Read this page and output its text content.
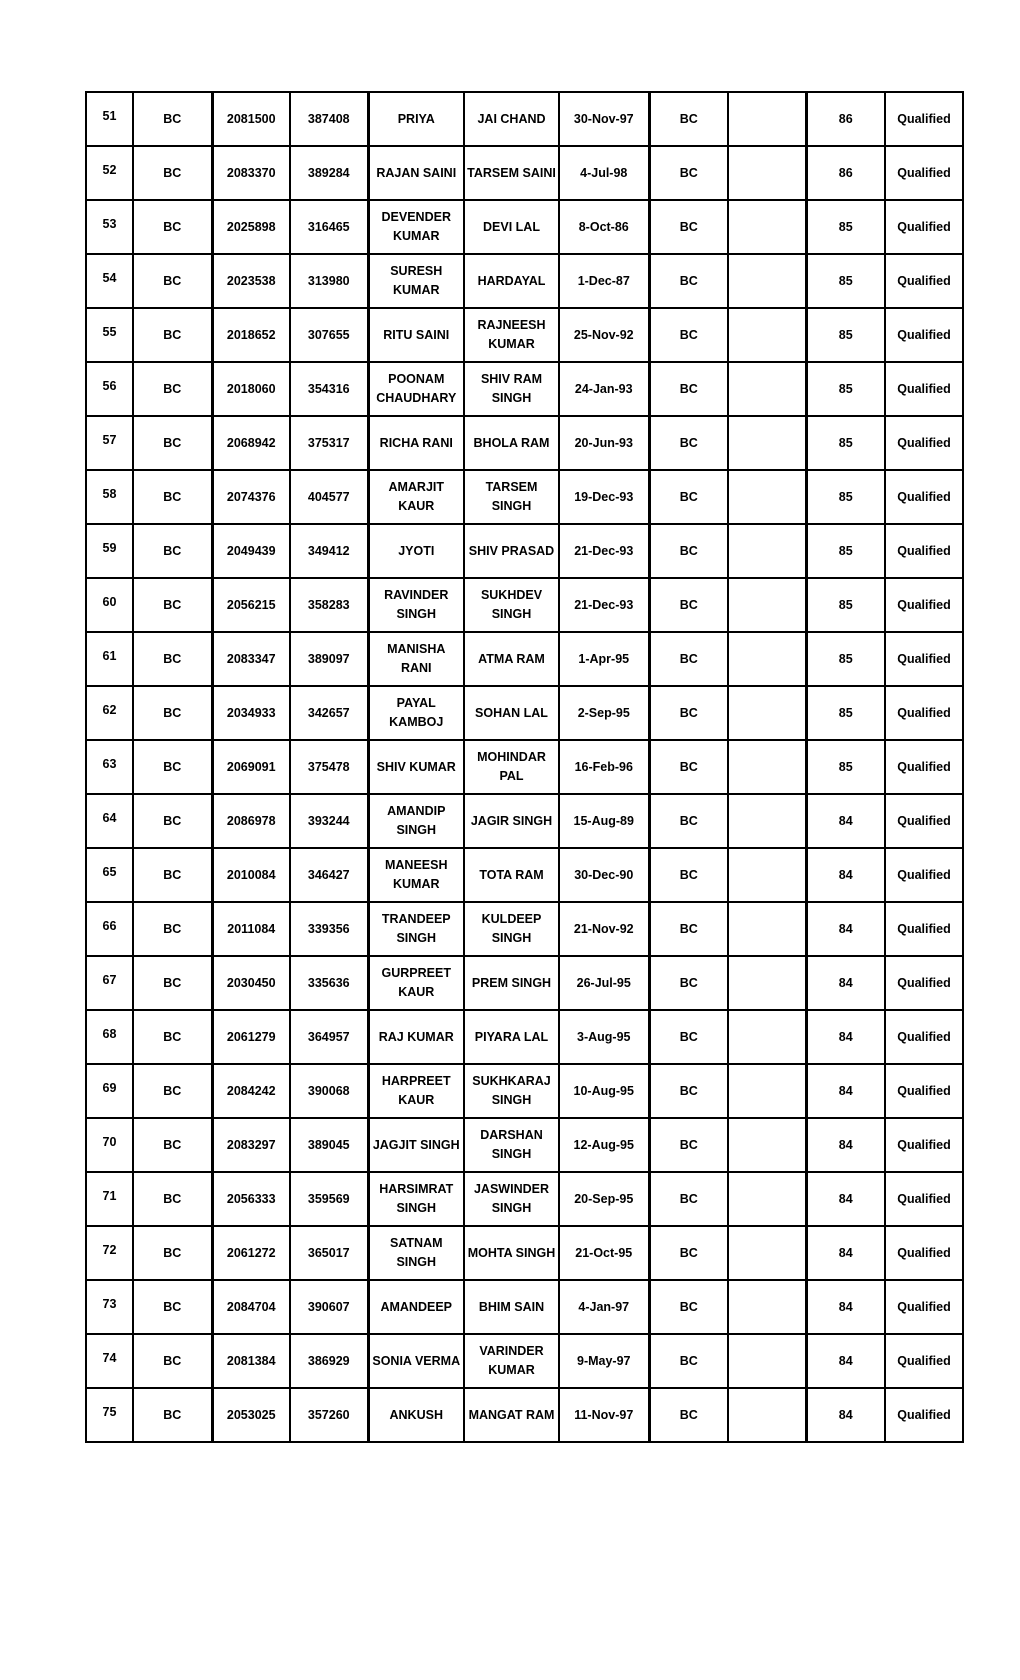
51	BC	2081500	387408	PRIYA	JAI CHAND	30-Nov-97	BC		86	Qualified
52	BC	2083370	389284	RAJAN SAINI	TARSEM SAINI	4-Jul-98	BC		86	Qualified
53	BC	2025898	316465	DEVENDER KUMAR	DEVI LAL	8-Oct-86	BC		85	Qualified
54	BC	2023538	313980	SURESH KUMAR	HARDAYAL	1-Dec-87	BC		85	Qualified
55	BC	2018652	307655	RITU SAINI	RAJNEESH KUMAR	25-Nov-92	BC		85	Qualified
56	BC	2018060	354316	POONAM CHAUDHARY	SHIV RAM SINGH	24-Jan-93	BC		85	Qualified
57	BC	2068942	375317	RICHA RANI	BHOLA RAM	20-Jun-93	BC		85	Qualified
58	BC	2074376	404577	AMARJIT KAUR	TARSEM SINGH	19-Dec-93	BC		85	Qualified
59	BC	2049439	349412	JYOTI	SHIV PRASAD	21-Dec-93	BC		85	Qualified
60	BC	2056215	358283	RAVINDER SINGH	SUKHDEV SINGH	21-Dec-93	BC		85	Qualified
61	BC	2083347	389097	MANISHA RANI	ATMA RAM	1-Apr-95	BC		85	Qualified
62	BC	2034933	342657	PAYAL KAMBOJ	SOHAN LAL	2-Sep-95	BC		85	Qualified
63	BC	2069091	375478	SHIV KUMAR	MOHINDAR PAL	16-Feb-96	BC		85	Qualified
64	BC	2086978	393244	AMANDIP SINGH	JAGIR SINGH	15-Aug-89	BC		84	Qualified
65	BC	2010084	346427	MANEESH KUMAR	TOTA RAM	30-Dec-90	BC		84	Qualified
66	BC	2011084	339356	TRANDEEP SINGH	KULDEEP SINGH	21-Nov-92	BC		84	Qualified
67	BC	2030450	335636	GURPREET KAUR	PREM SINGH	26-Jul-95	BC		84	Qualified
68	BC	2061279	364957	RAJ KUMAR	PIYARA LAL	3-Aug-95	BC		84	Qualified
69	BC	2084242	390068	HARPREET KAUR	SUKHKARAJ SINGH	10-Aug-95	BC		84	Qualified
70	BC	2083297	389045	JAGJIT SINGH	DARSHAN SINGH	12-Aug-95	BC		84	Qualified
71	BC	2056333	359569	HARSIMRAT SINGH	JASWINDER SINGH	20-Sep-95	BC		84	Qualified
72	BC	2061272	365017	SATNAM SINGH	MOHTA SINGH	21-Oct-95	BC		84	Qualified
73	BC	2084704	390607	AMANDEEP	BHIM SAIN	4-Jan-97	BC		84	Qualified
74	BC	2081384	386929	SONIA VERMA	VARINDER KUMAR	9-May-97	BC		84	Qualified
75	BC	2053025	357260	ANKUSH	MANGAT RAM	11-Nov-97	BC		84	Qualified
